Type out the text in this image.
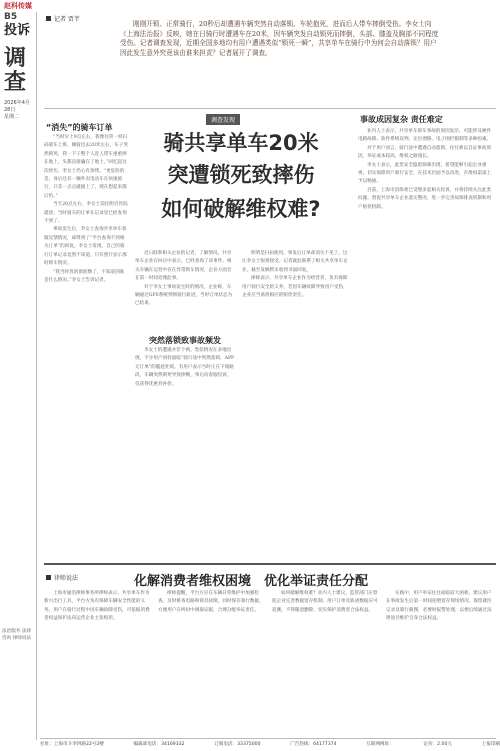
赵科传媒
B5
投诉
调
查
2026年4月28日
星期二
记者 贾芊
刚刚开锁、正常骑行，20秒后却遭遇车辆突然自动落锁、车轮抱死，进而后人带车摔倒受伤。李女士向《上海法治报》反映，她在日骑行时遭遇车在20米，因车辆突发自动锁死而摔倒，头部、膝盖及胸部不同程度受伤。记者调查发现，近期全国多地均有用户遭遇类似“锁死一瞬”，共享单车在骑行中为何会自动落锁？用户因此发生意外究竟该由谁来担责？记者展开了调查。
“消失”的骑车订单

“当时早上9点左右，我像往常一样扫码骑车上班，刚骑出去20米左右，车子突然锁死，我一下子整个人连人带车重重摔在地上，头都直接磕在了地上。”回忆起这次经历，李女士仍心有余悸。“更危险的是，身后还有一辆外卖电动车在快速骑行，只差一点点就撞上了，现在想起来都后怕。”

当天20点左右，李女士前往附近医院就诊，当时骑车的订单在记录里已经查询不到了。

事故发生后，李女士查询共享单车客服反馈情况，却得到了“平台查询不到相关订单”的回复。李女士发现，自己的骑行订单记录竟然不知道，只有照片显示那时锁车情况。

“我当时真的彻底懵了，不知道到底是什么情况。”李女士告诉记者。

调查发现
骑共享单车20米
突遭锁死致摔伤
如何破解维权难?

近日联系相关企业的记者，了解情况。共享单车企业在回应中表示，已经查询了该事件。相关车辆在运营中存在异常锁车情况，企业方面会在第一时间处理此事。

对于李女士事故发生时的情况，企业称，车辆通过GPS系统判断骑行轨迹，当时订单状态为已结束。

突然落锁致事故频发

李女士的遭遇并非个例。类似情况在多地出现，不少用户同样面临“骑行途中突然落锁、APP无订单”的尴尬处境。有用户表示当时正在下坡路段，车辆突然锁死导致摔倒，事后向客服投诉，仅获得优惠券补偿。

明明是扫码使用，事发后订单却消失不见了，这让李女士很难接受。记者就此联系了相关共享单车企业，截至发稿暂未收到书面回复。

律师表示，共享单车企业作为经营者，负有保障用户骑行安全的义务，若因车辆故障导致用户受伤，企业应当承担相应的赔偿责任。

事故成因复杂 责任难定

业内人士表示，共享单车锁车事故的原因复杂，可能涉及硬件电路故障、软件系统误判、定位漂移、电子围栏限制等多种因素。

对于用户而言，骑行途中遭遇自动落锁，往往难以自证事故原因，举证成本较高，维权之路漫长。

李女士表示，此类安全隐患频频出现，希望能够引起企业重视，切实保障用户骑行安全，在技术层面予以改进，在维权渠道上予以畅通。

目前，上海市消保委已受理多起相关投诉，并将持续关注此类问题，督促共享单车企业落实整改，进一步完善故障排查机制和用户赔偿机制。

律师说法	化解消费者维权困境　优化举证责任分配

上海市通浩律师事务所律师表示，共享单车作为新兴出行工具，平台方负有保障车辆安全性能的义务。用户在骑行过程中因车辆故障受伤，可依据消费者权益保护法向运营企业主张赔偿。

律师提醒，平台方应在车辆日常维护中加强检查，及时排查电路和锁具故障，同时保存骑行数据，方便用户在纠纷中调取证据，合理分配举证责任。

如何破解维权难？业内人士建议，监管部门应督促企业完善数据留存机制，用户订单及轨迹数据应可追溯，不得随意删除，切实保护消费者合法权益。

实践中，用户举证往往面临较大困难。建议用户在事故发生后第一时间拍照留存现场情况，保留就医记录及骑行截图，必要时报警处理，以便后续通过法律途径维护自身合法权益。

法治服务 法律咨询 律师说法
社址：上海市斗李四路22号2楼	编辑部电话：34169332	订阅电话：33375000	广告热线：64177374	互联网网址：	定价：2.00元	上报印刷
